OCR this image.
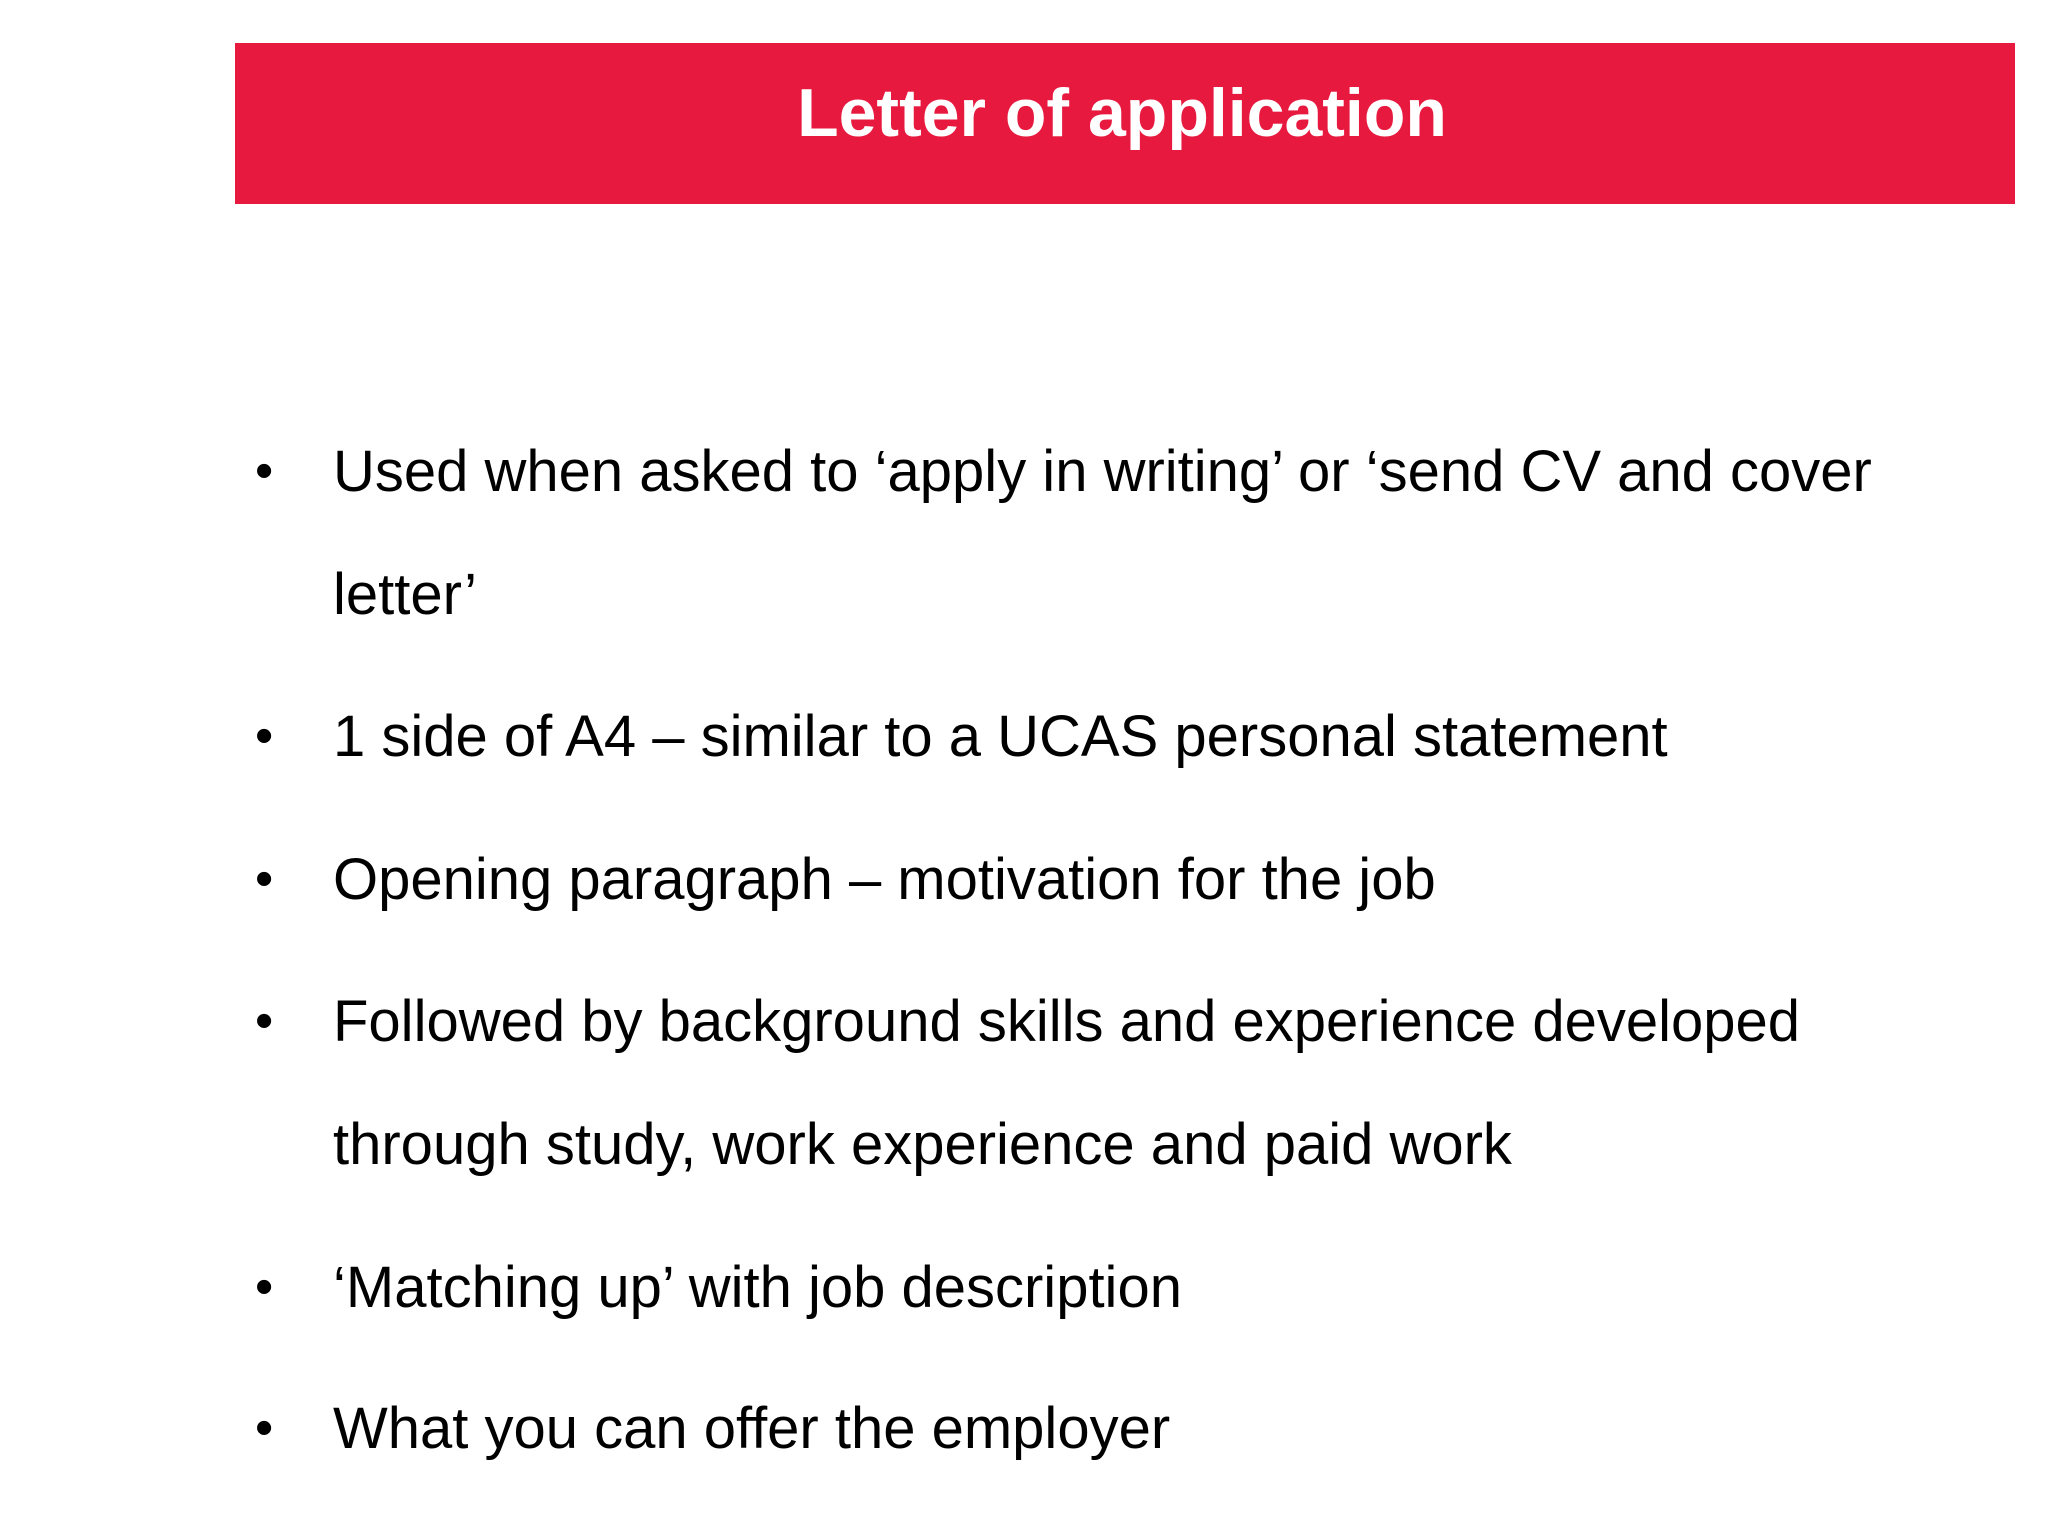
Letter of application
• Used when asked to ‘apply in writing’ or ‘send CV and cover
letter’
• 1 side of A4 – similar to a UCAS personal statement
• Opening paragraph – motivation for the job
• Followed by background skills and experience developed
through study, work experience and paid work
• ‘Matching up’ with job description
• What you can offer the employer
